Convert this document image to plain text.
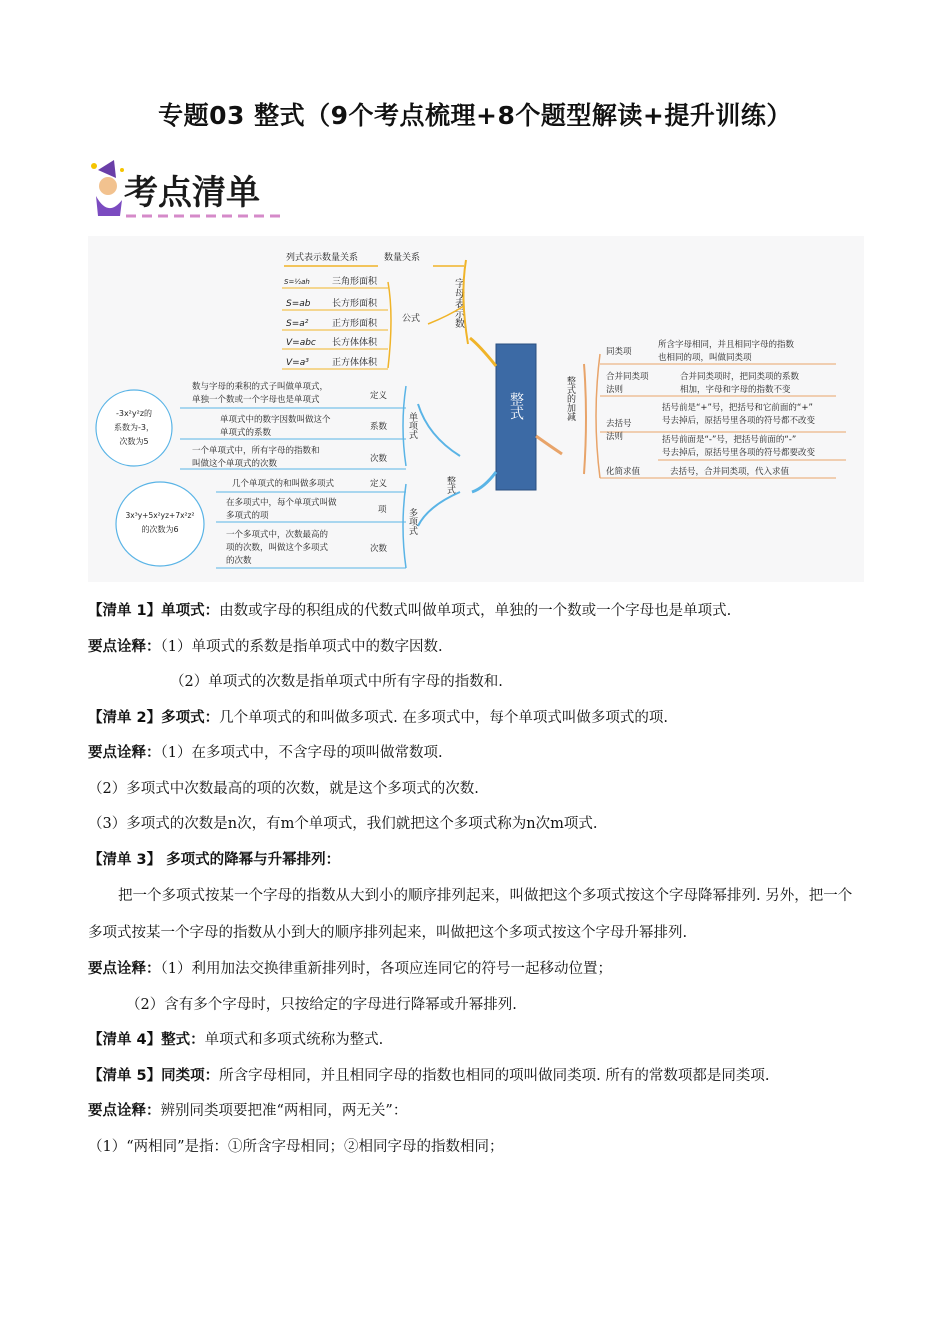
专题03 整式（9个考点梳理+8个题型解读+提升训练）
考点清单
整式
字母表示数
数量关系
列式表示数量关系
公式
S=½ah 三角形面积
S=ab 长方形面积
S=a²	正方形面积
V=abc 长方体体积
V=a³	正方体体积
整式
单项式
数与字母的乘积的式子叫做单项式，
单独一个数或一个字母也是单项式	定义
单项式中的数字因数叫做这个
单项式的系数
系数
一个单项式中，所有字母的指数和
叫做这个单项式的次数	次数
-3x²y²z的
系数为-3，
次数为5
多项式
几个单项式的和叫做多项式	定义
在多项式中，每个单项式叫做
多项式的项
项
一个多项式中，次数最高的
项的次数，叫做这个多项式
的次数
次数
3x³y+5x²yz+7x²z²
的次数为6
整式的加减
同类项
所含字母相同，并且相同字母的指数
也相同的项，叫做同类项
合并同类项
法则
合并同类项时，把同类项的系数
相加，字母和字母的指数不变
去括号
法则
括号前是“+”号，把括号和它前面的“+”
号去掉后，原括号里各项的符号都不改变
括号前面是“-”号，把括号前面的“-”
号去掉后，原括号里各项的符号都要改变
化简求值	去括号，合并同类项，代入求值

【清单 1】单项式：由数或字母的积组成的代数式叫做单项式，单独的一个数或一个字母也是单项式.

要点诠释：（1）单项式的系数是指单项式中的数字因数.

（2）单项式的次数是指单项式中所有字母的指数和.

【清单 2】多项式：几个单项式的和叫做多项式. 在多项式中，每个单项式叫做多项式的项.

要点诠释：（1）在多项式中，不含字母的项叫做常数项.

（2）多项式中次数最高的项的次数，就是这个多项式的次数.

（3）多项式的次数是n次，有m个单项式，我们就把这个多项式称为n次m项式.

【清单 3】 多项式的降幂与升幂排列：

把一个多项式按某一个字母的指数从大到小的顺序排列起来，叫做把这个多项式按这个字母降幂排列. 另外，把一个多项式按某一个字母的指数从小到大的顺序排列起来，叫做把这个多项式按这个字母升幂排列.

要点诠释：（1）利用加法交换律重新排列时，各项应连同它的符号一起移动位置；

（2）含有多个字母时，只按给定的字母进行降幂或升幂排列.

【清单 4】整式：单项式和多项式统称为整式.

【清单 5】同类项：所含字母相同，并且相同字母的指数也相同的项叫做同类项. 所有的常数项都是同类项.

要点诠释：辨别同类项要把准“两相同，两无关”：

（1）“两相同”是指：①所含字母相同；②相同字母的指数相同；
